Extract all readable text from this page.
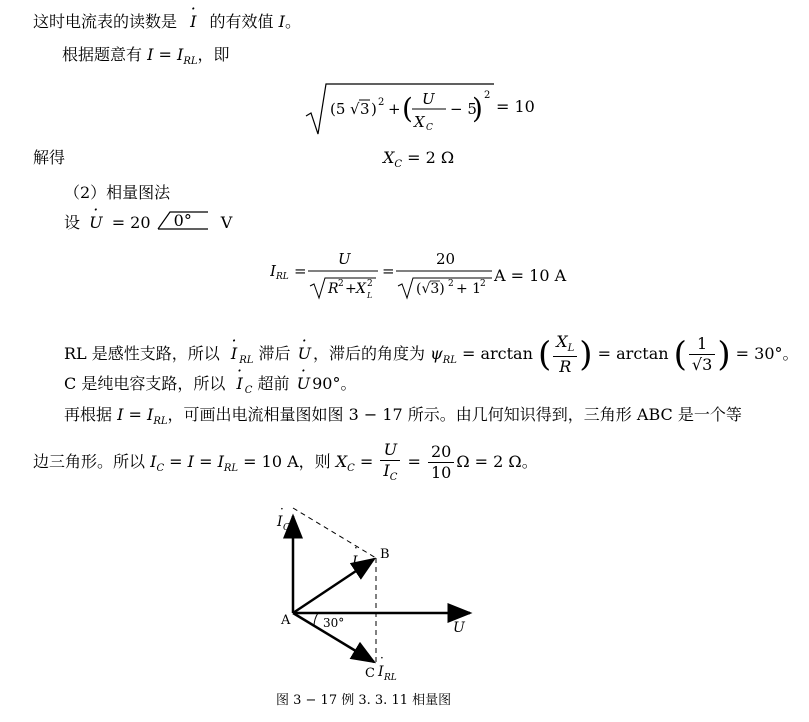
这时电流表的读数是 · I 的有效值 I。
根据题意有 $I = I_{RL}$，即
(5 √ 3 ) 2 + ( U
X C
− 5
) 2
= 10
解得	$X_C = 2$ Ω
（2）相量图法
设 · U = 20 0° V
I RL =
U
R 2 + X 2
L
=
20
(√3) 2 + 1
2 A = 10 A
RL 是感性支路，所以 · I $_{RL}$ 滞后 · U ，滞后的角度为 $\psi_{RL} = \arctan$ ( $\frac{X_L}{R}$ ) = arctan ( $\frac{1}{√3}$ ) = 30°。
C 是纯电容支路，所以 · I $_C$ 超前 · U 90°。
再根据 $I = I_{RL}$，可画出电流相量图如图 3 − 17 所示。由几何知识得到，三角形 ABC 是一个等
边三角形。所以 $I_C = I = I_{RL} = 10$ A，则 $X_C = \frac{U}{I_C} = \frac{20}{10}$ Ω = 2 Ω。
I
·
C
B
I
·
A	30°	U
·
C I
·
RL
图 3 − 17 例 3. 3. 11 相量图
